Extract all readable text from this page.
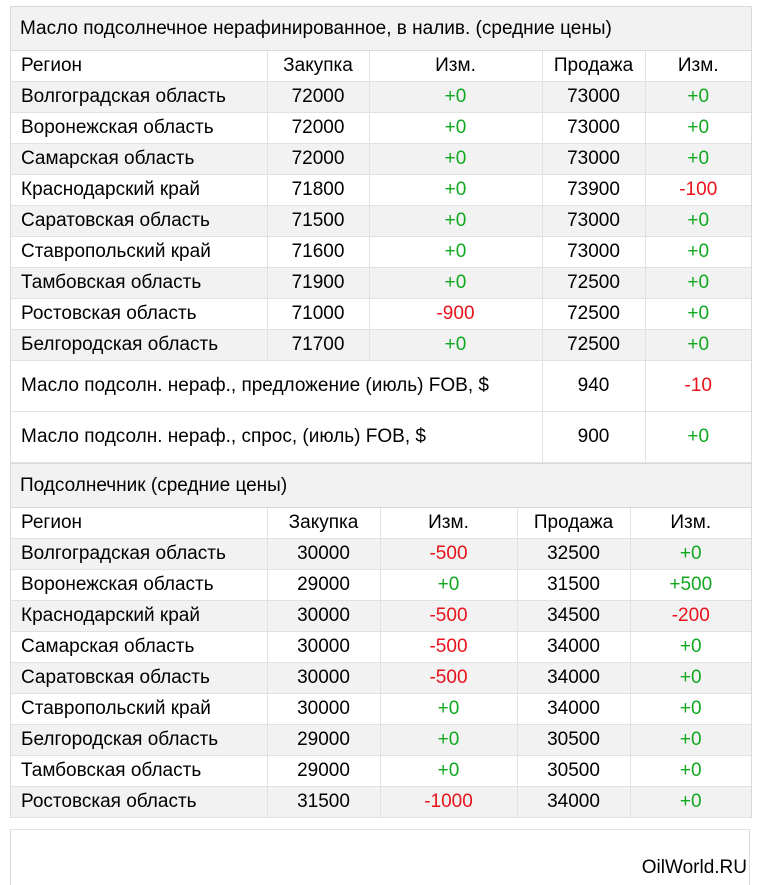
Масло подсолнечное нерафинированное, в налив. (средние цены)
Регион	Закупка	Изм.	Продажа	Изм.
Волгоградская область	72000	+0	73000	+0
Воронежская область	72000	+0	73000	+0
Самарская область	72000	+0	73000	+0
Краснодарский край	71800	+0	73900	-100
Саратовская область	71500	+0	73000	+0
Ставропольский край	71600	+0	73000	+0
Тамбовская область	71900	+0	72500	+0
Ростовская область	71000	-900	72500	+0
Белгородская область	71700	+0	72500	+0
Масло подсолн. нераф., предложение (июль) FOB, $	940	-10
Масло подсолн. нераф., спрос, (июль) FOB, $	900	+0
Подсолнечник (средние цены)
Регион	Закупка	Изм.	Продажа	Изм.
Волгоградская область	30000	-500	32500	+0
Воронежская область	29000	+0	31500	+500
Краснодарский край	30000	-500	34500	-200
Самарская область	30000	-500	34000	+0
Саратовская область	30000	-500	34000	+0
Ставропольский край	30000	+0	34000	+0
Белгородская область	29000	+0	30500	+0
Тамбовская область	29000	+0	30500	+0
Ростовская область	31500	-1000	34000	+0
OilWorld.RU
